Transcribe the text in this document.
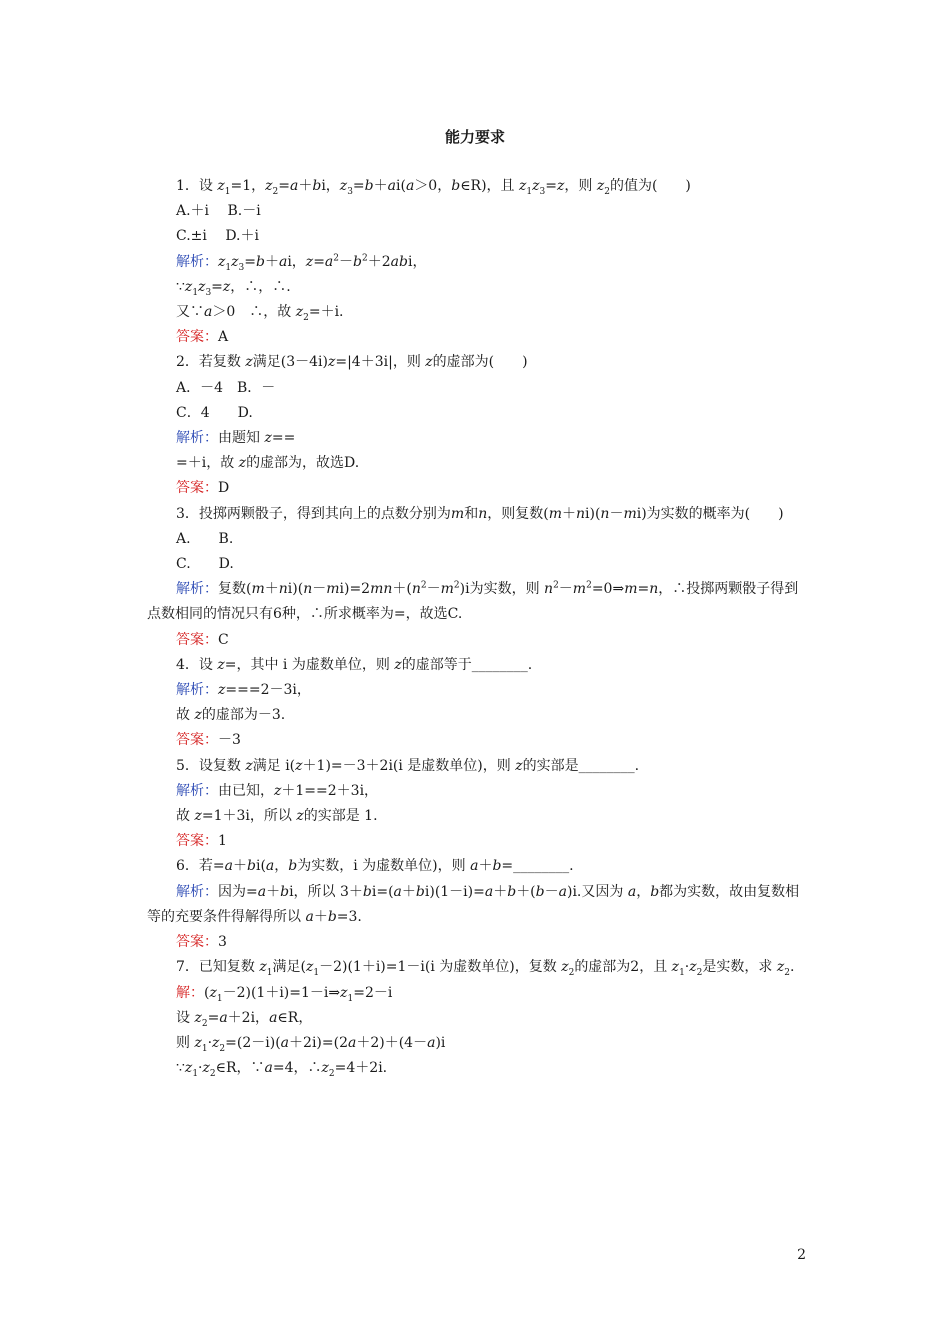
能力要求
1．设 $z_1=1$，$z_2=a+bi$，$z_3=b+ai(a>0$，b∈R)，且 $z_1z_3=z$，则 $z_2$的值为(　　)
A.＋i　 B.－i
C.±i　 D.＋i
解析：$z_1z_3=b+ai$，$z=a^2-b^2+2abi$，
$\because z_1z_3=z$，∴，∴.
又∵a＞0　∴，故 $z_2=+i$.
答案：A
2．若复数 z满足(3－4i)z=|4＋3i|，则 z的虚部为(　　)
A．－4　B．－
C．4　　D.
解析：由题知 z==
=＋i，故 z的虚部为，故选D.
答案：D
3．投掷两颗骰子，得到其向上的点数分别为m和n，则复数(m＋ni)(n－mi)为实数的概率为(　　)
A.　　B.
C.　　D.
解析：复数$(m+ni)(n-mi)=2mn+(n^2-m^2)i$为实数，则 $n^2-m^2=0\Rightarrow m=n$，∴投掷两颗骰子得到点数相同的情况只有6种，∴所求概率为=，故选C.
答案：C
4．设 z=，其中 i 为虚数单位，则 z的虚部等于________.
解析：z===2－3i，
故 z的虚部为－3.
答案：－3
5．设复数 z满足 i(z＋1)=－3＋2i(i 是虚数单位)，则 z的实部是________.
解析：由已知，z＋1==2＋3i，
故 z=1＋3i，所以 z的实部是 1.
答案：1
6．若=a＋bi(a，b为实数，i 为虚数单位)，则 a＋b=________.
解析：因为=a＋bi，所以 3＋bi=(a＋bi)(1－i)=a＋b＋(b－a)i.又因为 a，b都为实数，故由复数相等的充要条件得解得所以 a＋b=3.
答案：3
7．已知复数 $z_1$满足$(z_1-2)(1+i)=1-i(i$ 为虚数单位)，复数 $z_2$的虚部为2，且 $z_1\cdot z_2$是实数，求 $z_2$.
解：$(z_1-2)(1+i)=1-i\Rightarrow z_1=2-i$
设 $z_2=a+2i$，a∈R，
则 $z_1\cdot z_2=(2-i)(a+2i)=(2a+2)+(4-a)i$
$\because z_1\cdot z_2\in R$，∵a=4，$\therefore z_2=4+2i$.
2
